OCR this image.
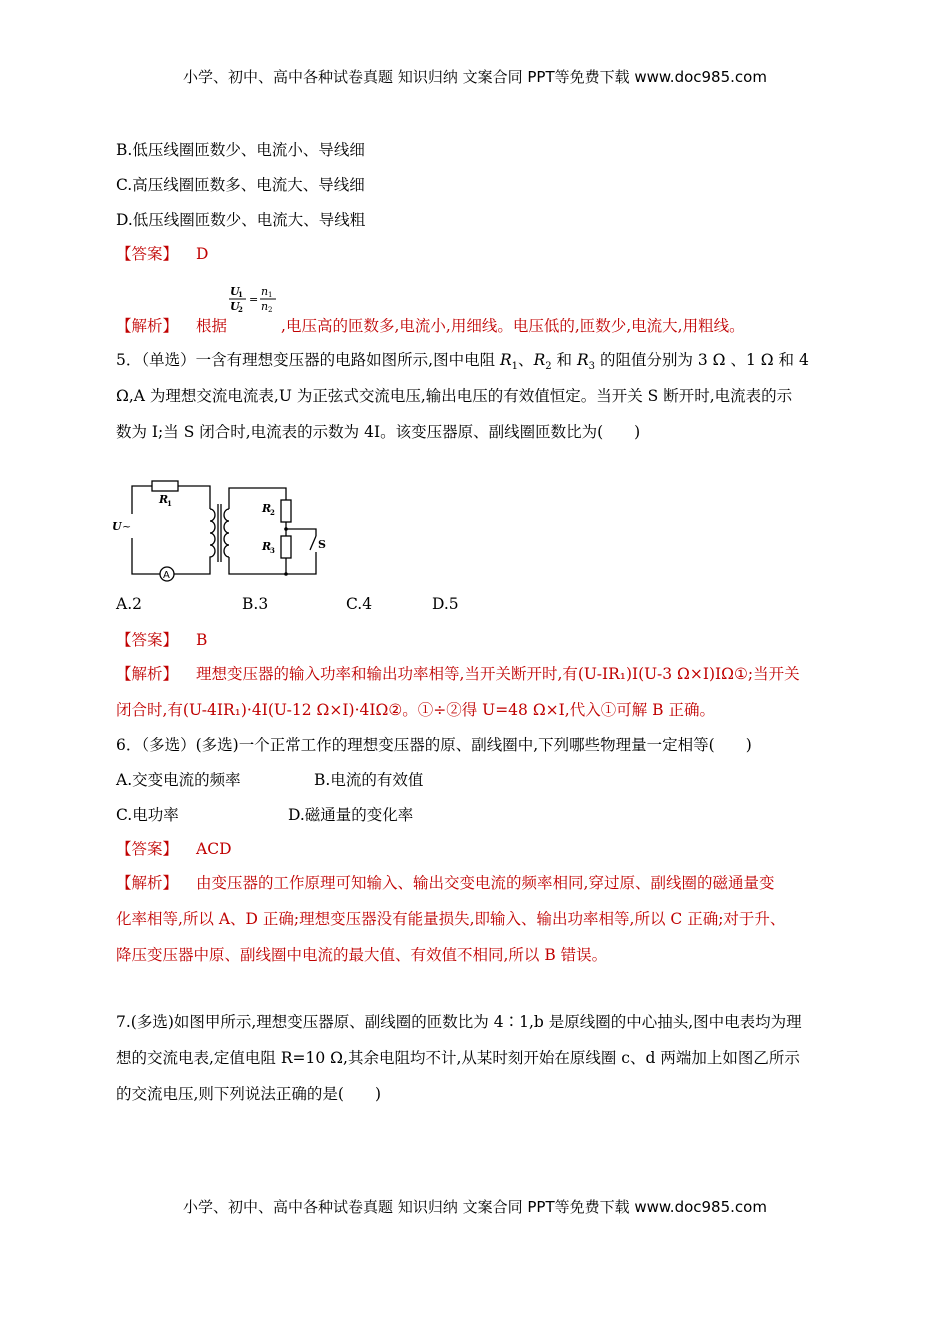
小学、初中、高中各种试卷真题 知识归纳 文案合同 PPT等免费下载 www.doc985.com
B.低压线圈匝数少、电流小、导线细
C.高压线圈匝数多、电流大、导线细
D.低压线圈匝数少、电流大、导线粗
【答案】 D
U
1
U
2
=
n 1
n 2
【解析】 根据	,电压高的匝数多,电流小,用细线。电压低的,匝数少,电流大,用粗线。
5．（单选）一含有理想变压器的电路如图所示,图中电阻 $R_1$、$R_2$ 和 $R_3$ 的阻值分别为 3 Ω 、1 Ω 和 4
Ω,A 为理想交流电流表,U 为正弦式交流电压,输出电压的有效值恒定。当开关 S 断开时,电流表的示
数为 I;当 S 闭合时,电流表的示数为 4I。该变压器原、副线圈匝数比为(　　)
R
1	R
2
R
3
U
S
~
A
A.2	B.3	C.4	D.5
【答案】 B
【解析】 理想变压器的输入功率和输出功率相等,当开关断开时,有(U-IR₁)I(U-3 Ω×I)IΩ①;当开关
闭合时,有(U-4IR₁)·4I(U-12 Ω×I)·4IΩ②。①÷②得 U=48 Ω×I,代入①可解 B 正确。
6．（多选）(多选)一个正常工作的理想变压器的原、副线圈中,下列哪些物理量一定相等(　　)
A.交变电流的频率	B.电流的有效值
C.电功率	D.磁通量的变化率
【答案】 ACD
【解析】 由变压器的工作原理可知输入、输出交变电流的频率相同,穿过原、副线圈的磁通量变
化率相等,所以 A、D 正确;理想变压器没有能量损失,即输入、输出功率相等,所以 C 正确;对于升、
降压变压器中原、副线圈中电流的最大值、有效值不相同,所以 B 错误。
7.(多选)如图甲所示,理想变压器原、副线圈的匝数比为 4∶1,b 是原线圈的中心抽头,图中电表均为理
想的交流电表,定值电阻 R=10 Ω,其余电阻均不计,从某时刻开始在原线圈 c、d 两端加上如图乙所示
的交流电压,则下列说法正确的是(　　)
小学、初中、高中各种试卷真题 知识归纳 文案合同 PPT等免费下载 www.doc985.com
